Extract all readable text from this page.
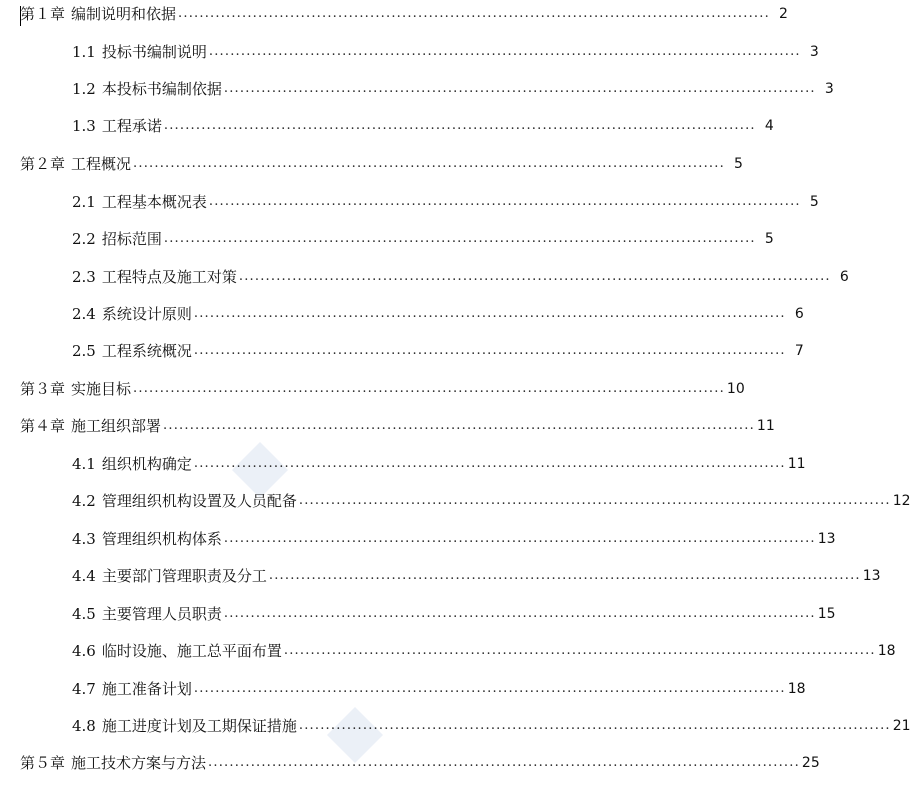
第１章 编制说明和依据 ............................................................................................................... 2
1.1 投标书编制说明 ............................................................................................................... 3
1.2 本投标书编制依据 ............................................................................................................... 3
1.3 工程承诺 ............................................................................................................... 4
第２章 工程概况 ............................................................................................................... 5
2.1 工程基本概况表 ............................................................................................................... 5
2.2 招标范围 ............................................................................................................... 5
2.3 工程特点及施工对策 ............................................................................................................... 6
2.4 系统设计原则 ............................................................................................................... 6
2.5 工程系统概况 ............................................................................................................... 7
第３章 实施目标 ............................................................................................................... 10
第４章 施工组织部署 ............................................................................................................... 11
4.1 组织机构确定 ............................................................................................................... 11
4.2 管理组织机构设置及人员配备 ............................................................................................................... 12
4.3 管理组织机构体系 ............................................................................................................... 13
4.4 主要部门管理职责及分工 ............................................................................................................... 13
4.5 主要管理人员职责 ............................................................................................................... 15
4.6 临时设施、施工总平面布置 ............................................................................................................... 18
4.7 施工准备计划 ............................................................................................................... 18
4.8 施工进度计划及工期保证措施 ............................................................................................................... 21
第５章 施工技术方案与方法 ............................................................................................................... 25
